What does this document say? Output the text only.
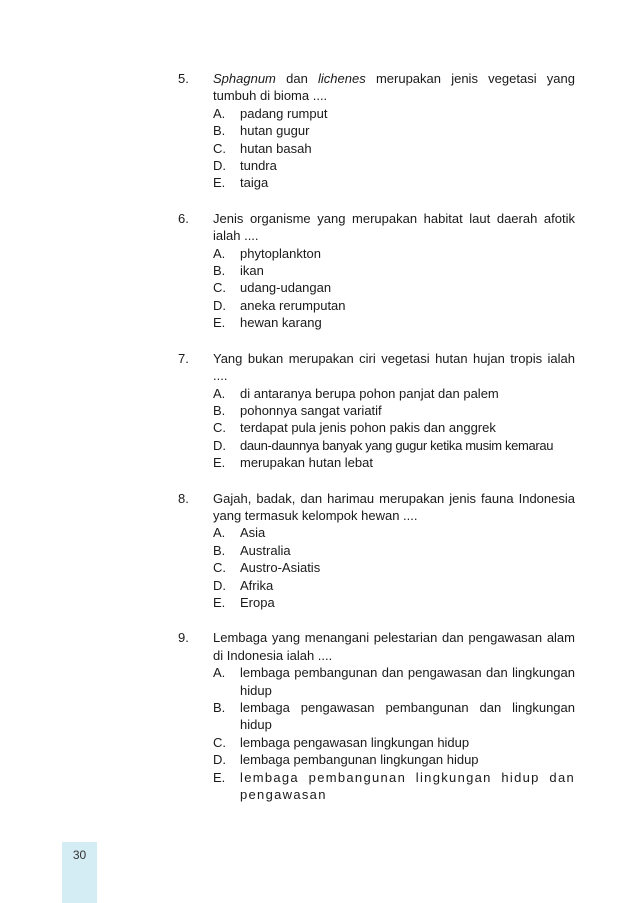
5.	Sphagnum dan lichenes merupakan jenis vegetasi yang tumbuh di bioma ....
A.	padang rumput
B.	hutan gugur
C.	hutan basah
D.	tundra
E.	taiga
6.	Jenis organisme yang merupakan habitat laut daerah afotik ialah ....
A.	phytoplankton
B.	ikan
C.	udang-udangan
D.	aneka rerumputan
E.	hewan karang
7.	Yang bukan merupakan ciri vegetasi hutan hujan tropis ialah ....
A.	di antaranya berupa pohon panjat dan palem
B.	pohonnya sangat variatif
C.	terdapat pula jenis pohon pakis dan anggrek
D.	daun-daunnya banyak yang gugur ketika musim kemarau
E.	merupakan hutan lebat
8.	Gajah, badak, dan harimau merupakan jenis fauna Indonesia yang termasuk kelompok hewan ....
A.	Asia
B.	Australia
C.	Austro-Asiatis
D.	Afrika
E.	Eropa
9.	Lembaga yang menangani pelestarian dan pengawasan alam di Indonesia ialah ....
A.	lembaga pembangunan dan pengawasan dan lingkungan hidup
B.	lembaga pengawasan pembangunan dan lingkungan hidup
C.	lembaga pengawasan lingkungan hidup
D.	lembaga pembangunan lingkungan hidup
E.	lembaga pembangunan lingkungan hidup dan pengawasan
30
